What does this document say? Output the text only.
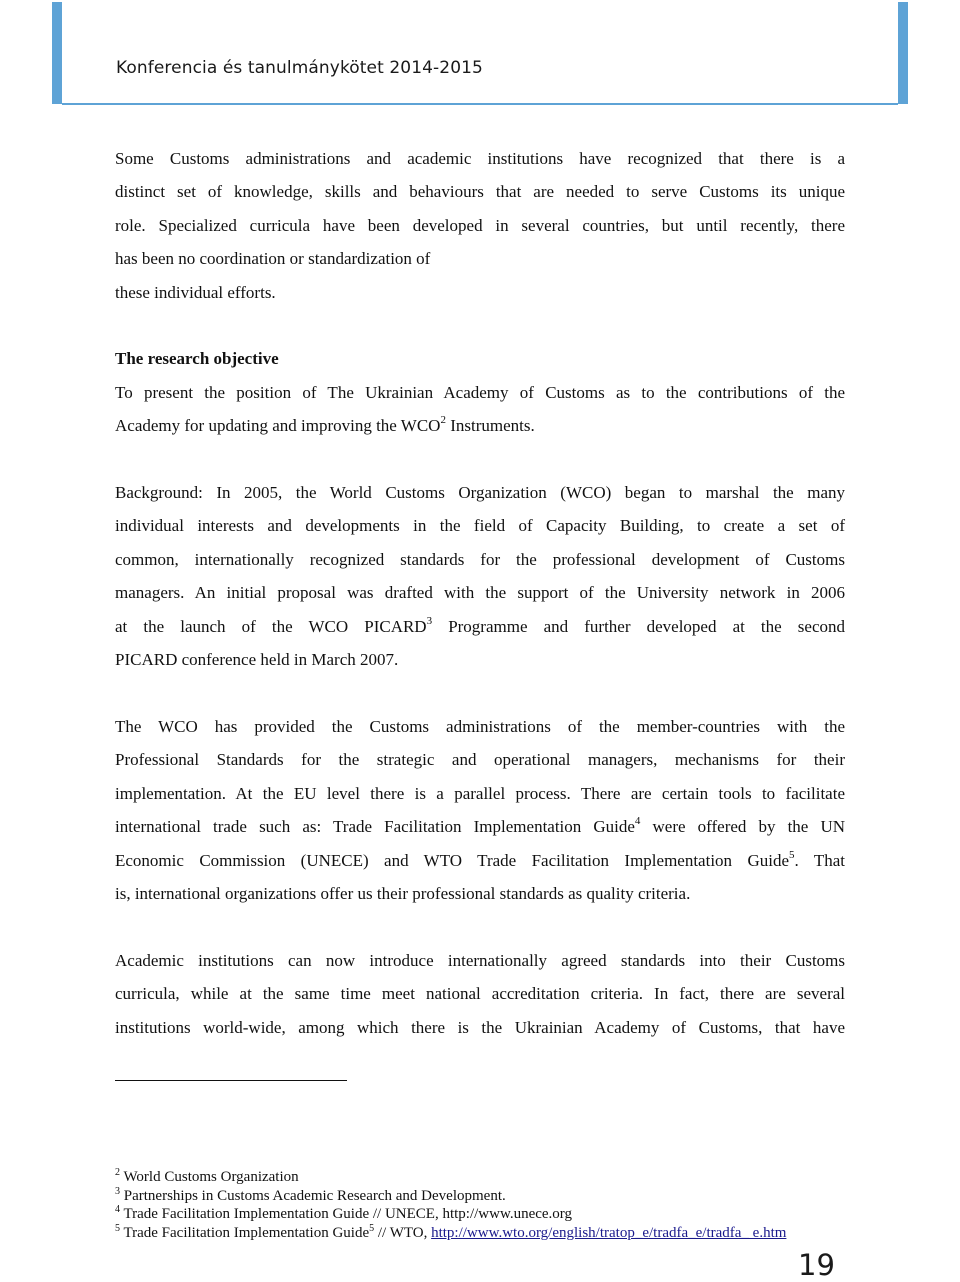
Konferencia és tanulmánykötet 2014-2015
Some Customs administrations and academic institutions have recognized that there is a
distinct set of knowledge, skills and behaviours that are needed to serve Customs its unique
role. Specialized curricula have been developed in several countries, but until recently, there
has been no coordination or standardization of
these individual efforts.
The research objective
To present the position of The Ukrainian Academy of Customs as to the contributions of the
Academy for updating and improving the WCO$^2$ Instruments.
Background: In 2005, the World Customs Organization (WCO) began to marshal the many
individual interests and developments in the field of Capacity Building, to create a set of
common, internationally recognized standards for the professional development of Customs
managers. An initial proposal was drafted with the support of the University network in 2006
at the launch of the WCO PICARD$^3$ Programme and further developed at the second
PICARD conference held in March 2007.
The WCO has provided the Customs administrations of the member-countries with the
Professional Standards for the strategic and operational managers, mechanisms for their
implementation. At the EU level there is a parallel process. There are certain tools to facilitate
international trade such as: Trade Facilitation Implementation Guide$^4$ were offered by the UN
Economic Commission (UNECE) and WTO Trade Facilitation Implementation Guide$^5$. That
is, international organizations offer us their professional standards as quality criteria.
Academic institutions can now introduce internationally agreed standards into their Customs
curricula, while at the same time meet national accreditation criteria. In fact, there are several
institutions world-wide, among which there is the Ukrainian Academy of Customs, that have
$^2$ World Customs Organization
$^3$ Partnerships in Customs Academic Research and Development.
$^4$ Trade Facilitation Implementation Guide // UNECE, http://www.unece.org
$^5$ Trade Facilitation Implementation Guide$^5$ // WTO, http://www.wto.org/english/tratop_e/tradfa_e/tradfa_ e.htm
19
